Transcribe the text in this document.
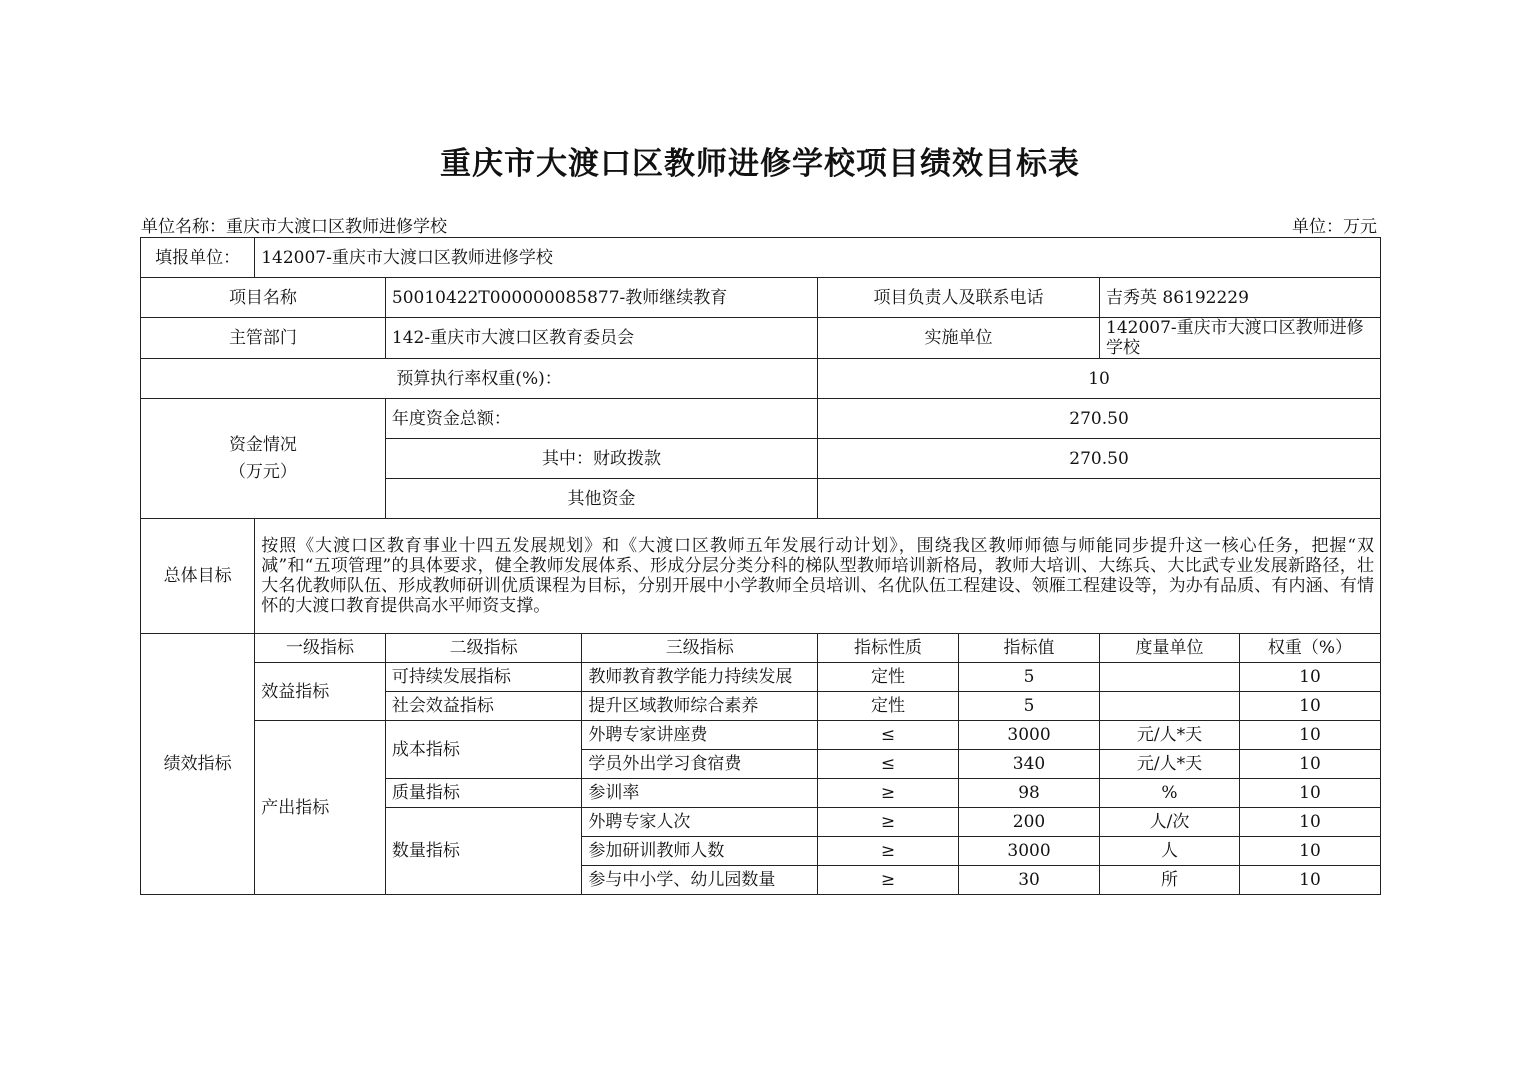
重庆市大渡口区教师进修学校项目绩效目标表
单位名称：重庆市大渡口区教师进修学校	单位：万元
填报单位：	142007-重庆市大渡口区教师进修学校						
项目名称		50010422T000000085877-教师继续教育		项目负责人及联系电话		吉秀英 86192229	
主管部门		142-重庆市大渡口区教育委员会		实施单位		142007-重庆市大渡口区教师进修学校	
预算执行率权重(%)：				10			
资金情况
（万元）		年度资金总额：		270.50			
		其中：财政拨款		270.50			
		其他资金					
总体目标	按照《大渡口区教育事业十四五发展规划》和《大渡口区教师五年发展行动计划》，围绕我区教师师德与师能同步提升这一核心任务，把握“双减”和“五项管理”的具体要求，健全教师发展体系、形成分层分类分科的梯队型教师培训新格局，教师大培训、大练兵、大比武专业发展新路径，壮大名优教师队伍、形成教师研训优质课程为目标，分别开展中小学教师全员培训、名优队伍工程建设、领雁工程建设等，为办有品质、有内涵、有情怀的大渡口教育提供高水平师资支撑。						
绩效指标	一级指标	二级指标	三级指标	指标性质	指标值	度量单位	权重（%）
	效益指标	可持续发展指标	教师教育教学能力持续发展	定性	5		10
		社会效益指标	提升区域教师综合素养	定性	5		10
	产出指标	成本指标	外聘专家讲座费	≤	3000	元/人*天	10
			学员外出学习食宿费	≤	340	元/人*天	10
		质量指标	参训率	≥	98	%	10
		数量指标	外聘专家人次	≥	200	人/次	10
			参加研训教师人数	≥	3000	人	10
			参与中小学、幼儿园数量	≥	30	所	10
